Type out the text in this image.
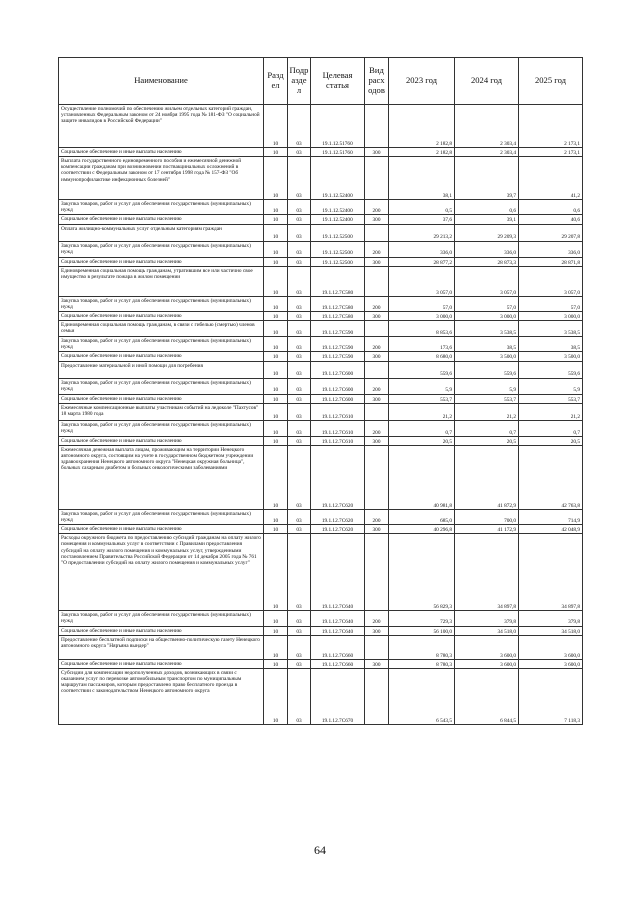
Наименование	Разд ел	Подр азде л	Целевая статья	Вид расх одов	2023 год	2024 год	2025 год
Осуществление полномочий по обеспечению жильем отдельных категорий граждан, установленных Федеральным законом от 24 ноября 1995 года № 181-ФЗ "О социальной защите инвалидов в Российской Федерации"	10	03	19.1.12.51760		2 182,8	2 303,4	2 173,1
Социальное обеспечение и иные выплаты населению	10	03	19.1.12.51760	300	2 182,8	2 303,4	2 173,1
Выплата государственного единовременного пособия и ежемесячной денежной компенсации гражданам при возникновении поствакцинальных осложнений в соответствии с Федеральным законом от 17 сентября 1998 года № 157-ФЗ "Об иммунопрофилактике инфекционных болезней"	10	03	19.1.12.52400		38,1	39,7	41,2
Закупка товаров, работ и услуг для обеспечения государственных (муниципальных) нужд	10	03	19.1.12.52400	200	0,5	0,6	0,6
Социальное обеспечение и иные выплаты населению	10	03	19.1.12.52400	300	37,6	39,1	40,6
Оплата жилищно-коммунальных услуг отдельным категориям граждан	10	03	19.1.12.52500		29 213,2	29 209,3	29 207,8
Закупка товаров, работ и услуг для обеспечения государственных (муниципальных) нужд	10	03	19.1.12.52500	200	336,0	336,0	336,0
Социальное обеспечение и иные выплаты населению	10	03	19.1.12.52500	300	28 877,2	28 873,3	28 871,8
Единовременная социальная помощь гражданам, утратившим все или частично свое имущество в результате пожара в жилом помещении	10	03	19.1.12.7С580		3 057,0	3 057,0	3 057,0
Закупка товаров, работ и услуг для обеспечения государственных (муниципальных) нужд	10	03	19.1.12.7С580	200	57,0	57,0	57,0
Социальное обеспечение и иные выплаты населению	10	03	19.1.12.7С580	300	3 000,0	3 000,0	3 000,0
Единовременная социальная помощь гражданам, в связи с гибелью (смертью) членов семьи	10	03	19.1.12.7С590		8 853,6	3 538,5	3 538,5
Закупка товаров, работ и услуг для обеспечения государственных (муниципальных) нужд	10	03	19.1.12.7С590	200	173,6	38,5	38,5
Социальное обеспечение и иные выплаты населению	10	03	19.1.12.7С590	300	8 680,0	3 500,0	3 500,0
Предоставление материальной и иной помощи для погребения	10	03	19.1.12.7С600		559,6	559,6	559,6
Закупка товаров, работ и услуг для обеспечения государственных (муниципальных) нужд	10	03	19.1.12.7С600	200	5,9	5,9	5,9
Социальное обеспечение и иные выплаты населению	10	03	19.1.12.7С600	300	553,7	553,7	553,7
Ежемесячные компенсационные выплаты участникам событий на ледоколе "Пахтусов" 18 марта 1980 года	10	03	19.1.12.7С610		21,2	21,2	21,2
Закупка товаров, работ и услуг для обеспечения государственных (муниципальных) нужд	10	03	19.1.12.7С610	200	0,7	0,7	0,7
Социальное обеспечение и иные выплаты населению	10	03	19.1.12.7С610	300	20,5	20,5	20,5
Ежемесячная денежная выплата лицам, проживающим на территории Ненецкого автономного округа, состоящим на учете в государственном бюджетном учреждении здравоохранения Ненецкого автономного округа "Ненецкая окружная больница", больных сахарным диабетом и больных онкологическими заболеваниями	10	03	19.1.12.7С620		40 981,8	41 872,9	42 763,8
Закупка товаров, работ и услуг для обеспечения государственных (муниципальных) нужд	10	03	19.1.12.7С620	200	685,0	700,0	714,9
Социальное обеспечение и иные выплаты населению	10	03	19.1.12.7С620	300	40 296,8	41 172,9	42 048,9
Расходы окружного бюджета по предоставлению субсидий гражданам на оплату жилого помещения и коммунальных услуг в соответствии с Правилами предоставления субсидий на оплату жилого помещения и коммунальных услуг, утвержденными постановлением Правительства Российской Федерации от 14 декабря 2005 года № 761 "О предоставлении субсидий на оплату жилого помещения и коммунальных услуг"	10	03	19.1.12.7С640		56 829,3	34 897,8	34 897,8
Закупка товаров, работ и услуг для обеспечения государственных (муниципальных) нужд	10	03	19.1.12.7С640	200	729,3	379,8	379,8
Социальное обеспечение и иные выплаты населению	10	03	19.1.12.7С640	300	56 100,0	34 518,0	34 518,0
Предоставление бесплатной подписки на общественно-политическую газету Ненецкого автономного округа "Няръяна вындер"	10	03	19.1.12.7С660		8 780,3	3 600,0	3 600,0
Социальное обеспечение и иные выплаты населению	10	03	19.1.12.7С660	300	8 780,3	3 600,0	3 600,0
Субсидии для компенсации недополученных доходов, возникающих в связи с оказанием услуг по перевозке автомобильным транспортом по муниципальным маршрутам пассажиров, которым предоставлено право бесплатного проезда в соответствии с законодательством Ненецкого автономного округа	10	03	19.1.12.7С670		6 543,5	6 844,5	7 118,3
64
